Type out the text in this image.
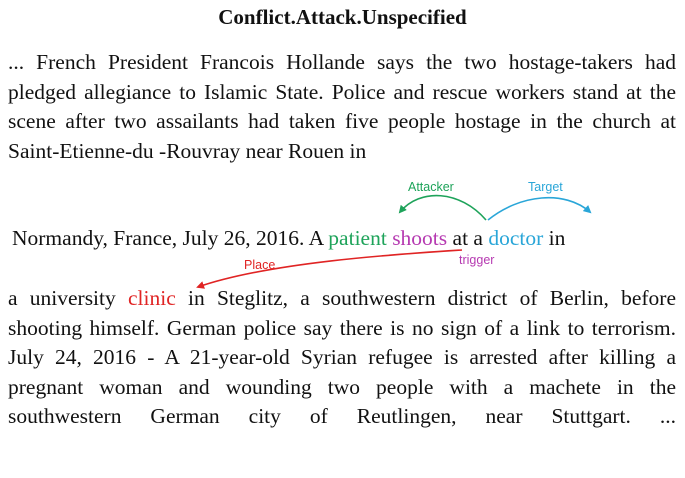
Conflict.Attack.Unspecified
... French President Francois Hollande says the two hostage-takers had pledged allegiance to Islamic State. Police and rescue workers stand at the scene after two assailants had taken five people hostage in the church at Saint-Etienne-du -Rouvray near Rouen in
Normandy, France, July 26, 2016. A patient shoots at a doctor in
Attacker	Target
trigger
Place
a university clinic in Steglitz, a southwestern district of Berlin, before shooting himself. German police say there is no sign of a link to terrorism. July 24, 2016 - A 21-year-old Syrian refugee is arrested after killing a pregnant woman and wounding two people with a machete in the southwestern German city of Reutlingen, near Stuttgart. ...
